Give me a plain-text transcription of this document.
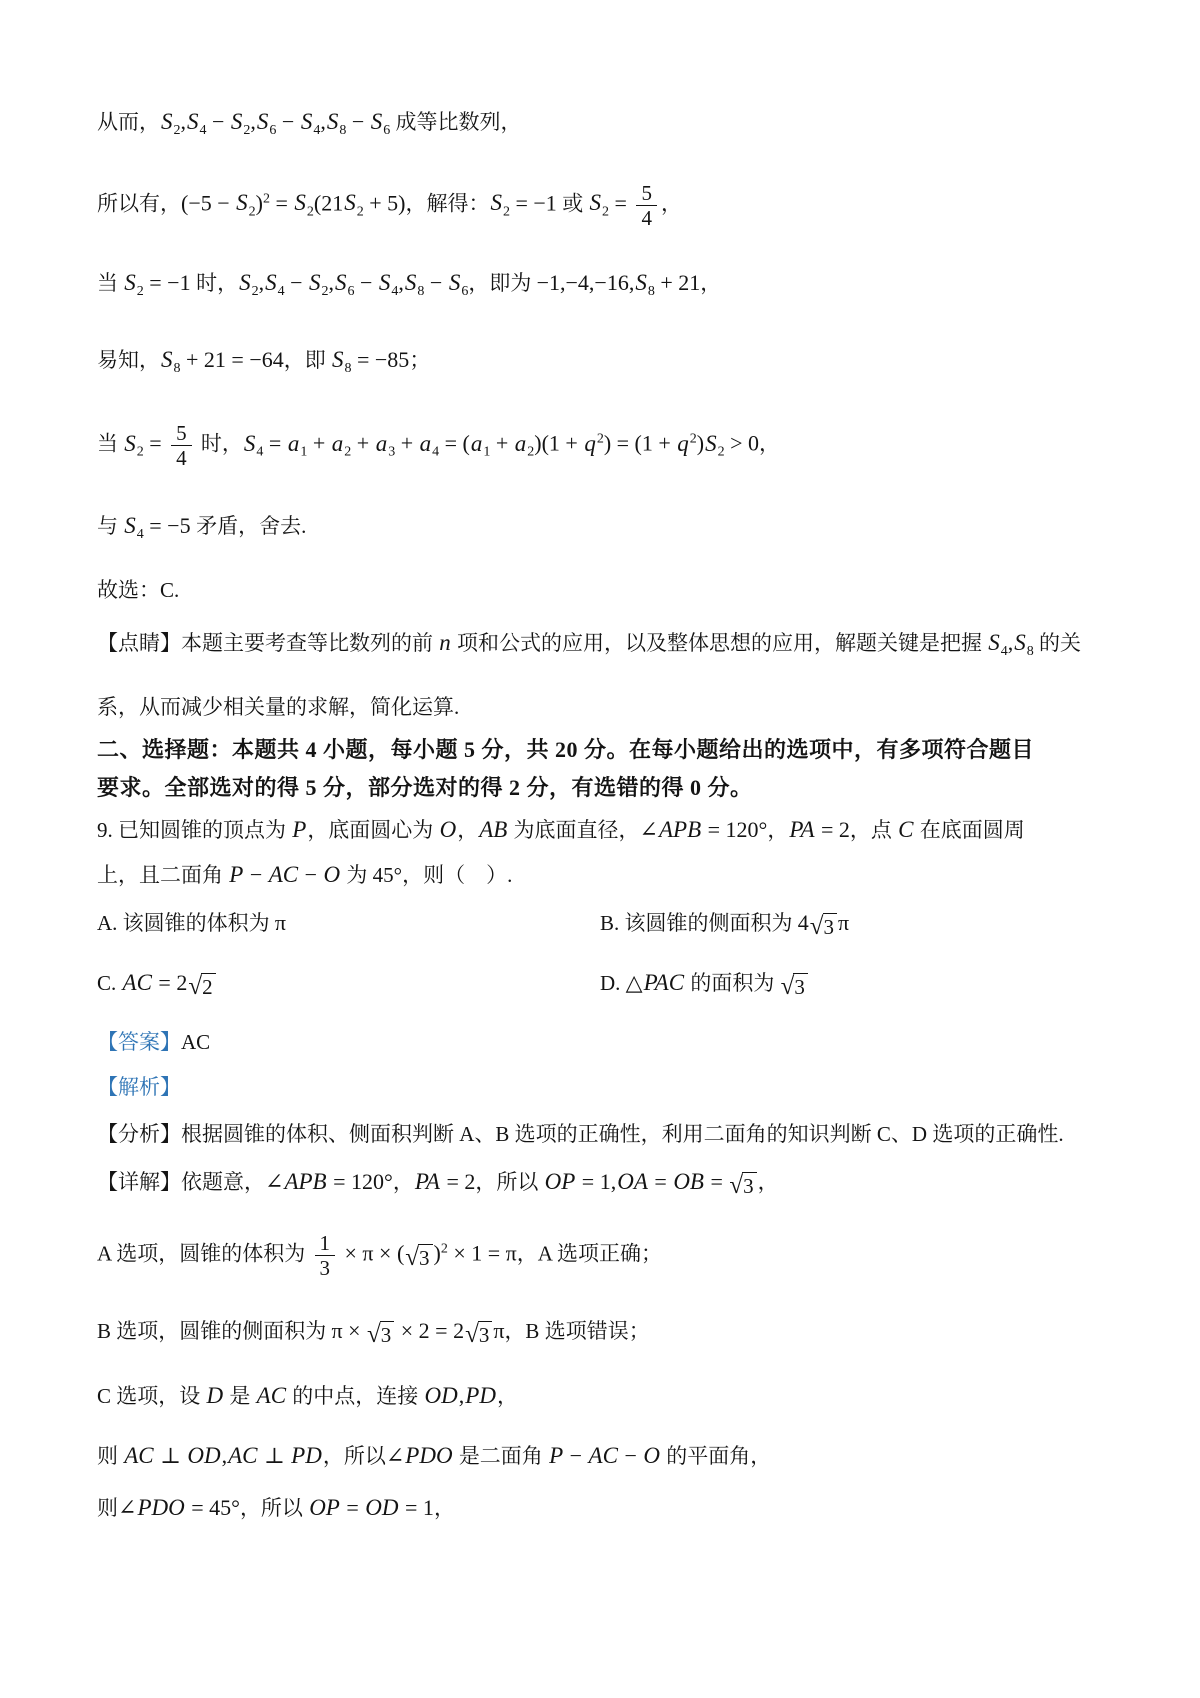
从而，$S_2,S_4 - S_2,S_6 - S_4,S_8 - S_6$ 成等比数列，
所以有，$(-5 - S_2)^2 = S_2(21S_2 + 5)$，解得：$S_2 = -1$ 或 $S_2 = \frac{5}{4}$ ，
当 $S_2 = -1$ 时，$S_2,S_4 - S_2,S_6 - S_4,S_8 - S_6$，即为 $-1,-4,-16,S_8 + 21$，
易知，$S_8 + 21 = -64$，即 $S_8 = -85$；
当 $S_2 = \frac{5}{4}$ 时，$S_4 = a_1 + a_2 + a_3 + a_4 = (a_1 + a_2)(1 + q^2) = (1 + q^2)S_2 > 0$，
与 $S_4 = -5$ 矛盾，舍去.
故选：C.
【点睛】本题主要考查等比数列的前 n 项和公式的应用，以及整体思想的应用，解题关键是把握 $S_4,S_8$ 的关
系，从而减少相关量的求解，简化运算.
二、选择题：本题共 4 小题，每小题 5 分，共 20 分。在每小题给出的选项中，有多项符合题目
要求。全部选对的得 5 分，部分选对的得 2 分，有选错的得 0 分。
9. 已知圆锥的顶点为 P，底面圆心为 O，AB 为底面直径，∠APB = 120°，PA = 2，点 C 在底面圆周
上，且二面角 P − AC − O 为 45°，则（　）.
A. 该圆锥的体积为 π	B. 该圆锥的侧面积为 4 √ 3 π
C. AC = 2 √ 2	D. △PAC 的面积为 √ 3
【答案】AC
【解析】
【分析】根据圆锥的体积、侧面积判断 A、B 选项的正确性，利用二面角的知识判断 C、D 选项的正确性.
【详解】依题意，∠APB = 120°，PA = 2，所以 OP = 1,OA = OB = √ 3 ，
A 选项，圆锥的体积为 $\frac{1}{3} \times \pi$ × ( √ 3 )$^2$ × 1 = π，A 选项正确；
B 选项，圆锥的侧面积为 π × √ 3 × 2 = 2 √ 3 π，B 选项错误；
C 选项，设 D 是 AC 的中点，连接 OD,PD，
则 AC ⊥ OD,AC ⊥ PD，所以∠PDO 是二面角 P − AC − O 的平面角，
则∠PDO = 45°，所以 OP = OD = 1，
